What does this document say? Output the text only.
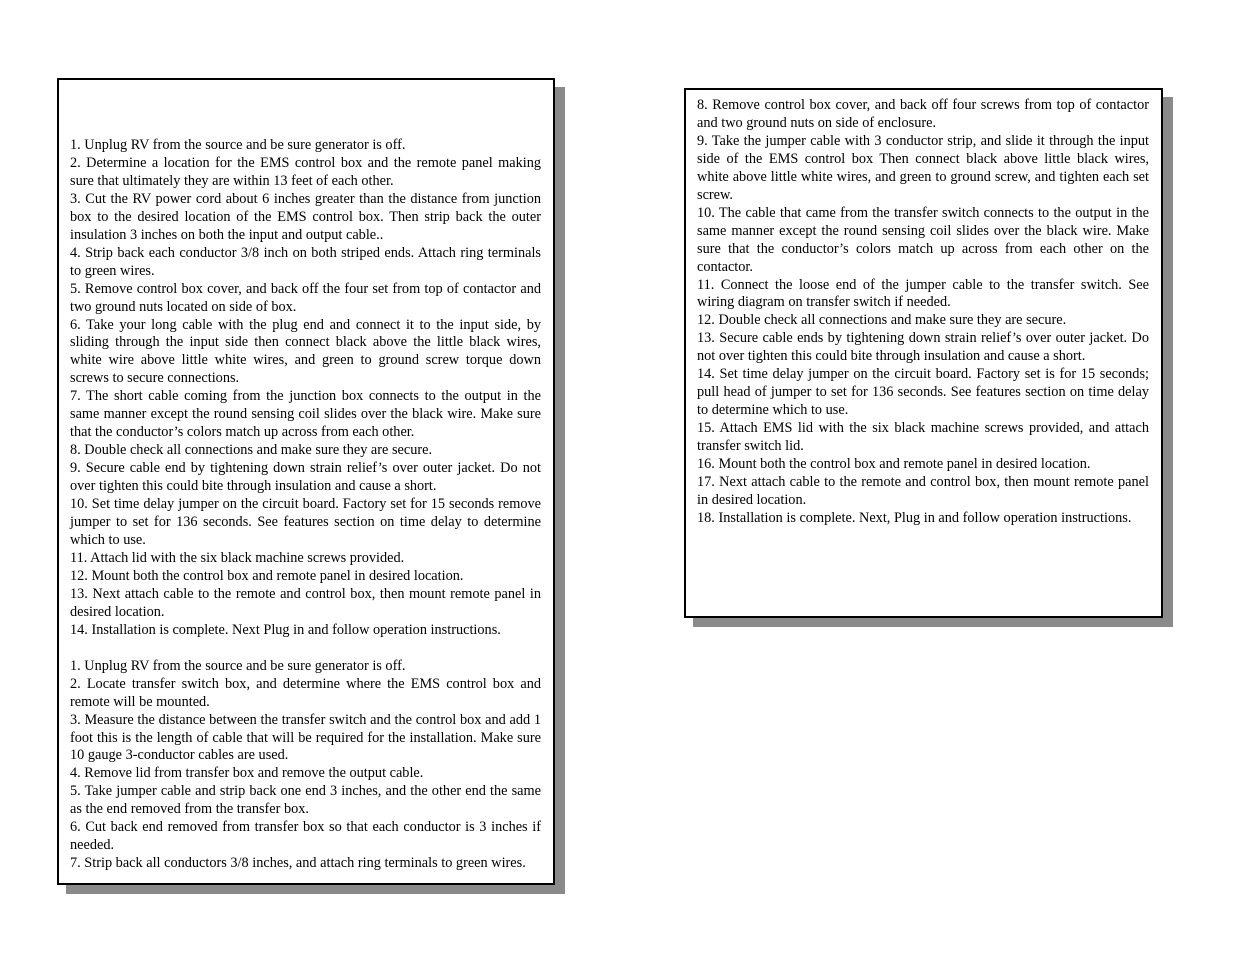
1. Unplug RV from the source and be sure generator is off.

2. Determine a location for the EMS control box and the remote panel making sure that ultimately they are within 13 feet of each other.

3. Cut the RV power cord about 6 inches greater than the distance from junction box to the desired location of the EMS control box. Then strip back the outer insulation 3 inches on both the input and output cable..

4. Strip back each conductor 3/8 inch on both striped ends. Attach ring terminals to green wires.

5. Remove control box cover, and back off the four set from top of contactor and two ground nuts located on side of box.

6. Take your long cable with the plug end and connect it to the input side, by sliding through the input side then connect black above the little black wires, white wire above little white wires, and green to ground screw torque down screws to secure connections.

7. The short cable coming from the junction box connects to the output in the same manner except the round sensing coil slides over the black wire. Make sure that the conductor’s colors match up across from each other.

8. Double check all connections and make sure they are secure.

9. Secure cable end by tightening down strain relief’s over outer jacket. Do not over tighten this could bite through insulation and cause a short.

10. Set time delay jumper on the circuit board. Factory set for 15 seconds remove jumper to set for 136 seconds. See features section on time delay to determine which to use.

11. Attach lid with the six black machine screws provided.

12. Mount both the control box and remote panel in desired location.

13. Next attach cable to the remote and control box, then mount remote panel in desired location.

14. Installation is complete. Next Plug in and follow operation instructions.

1. Unplug RV from the source and be sure generator is off.

2. Locate transfer switch box, and determine where the EMS control box and remote will be mounted.

3. Measure the distance between the transfer switch and the control box and add 1 foot this is the length of cable that will be required for the installation. Make sure 10 gauge 3-conductor cables are used.

4. Remove lid from transfer box and remove the output cable.

5. Take jumper cable and strip back one end 3 inches, and the other end the same as the end removed from the transfer box.

6. Cut back end removed from transfer box so that each conductor is 3 inches if needed.

7. Strip back all conductors 3/8 inches, and attach ring terminals to green wires.

8. Remove control box cover, and back off four screws from top of contactor and two ground nuts on side of enclosure.

9. Take the jumper cable with 3 conductor strip, and slide it through the input side of the EMS control box Then connect black above little black wires, white above little white wires, and green to ground screw, and tighten each set screw.

10. The cable that came from the transfer switch connects to the output in the same manner except the round sensing coil slides over the black wire. Make sure that the conductor’s colors match up across from each other on the contactor.

11. Connect the loose end of the jumper cable to the transfer switch. See wiring diagram on transfer switch if needed.

12. Double check all connections and make sure they are secure.

13. Secure cable ends by tightening down strain relief’s over outer jacket. Do not over tighten this could bite through insulation and cause a short.

14. Set time delay jumper on the circuit board. Factory set is for 15 seconds; pull head of jumper to set for 136 seconds. See features section on time delay to determine which to use.

15. Attach EMS lid with the six black machine screws provided, and attach transfer switch lid.

16. Mount both the control box and remote panel in desired location.

17. Next attach cable to the remote and control box, then mount remote panel in desired location.

18. Installation is complete. Next, Plug in and follow operation instructions.
